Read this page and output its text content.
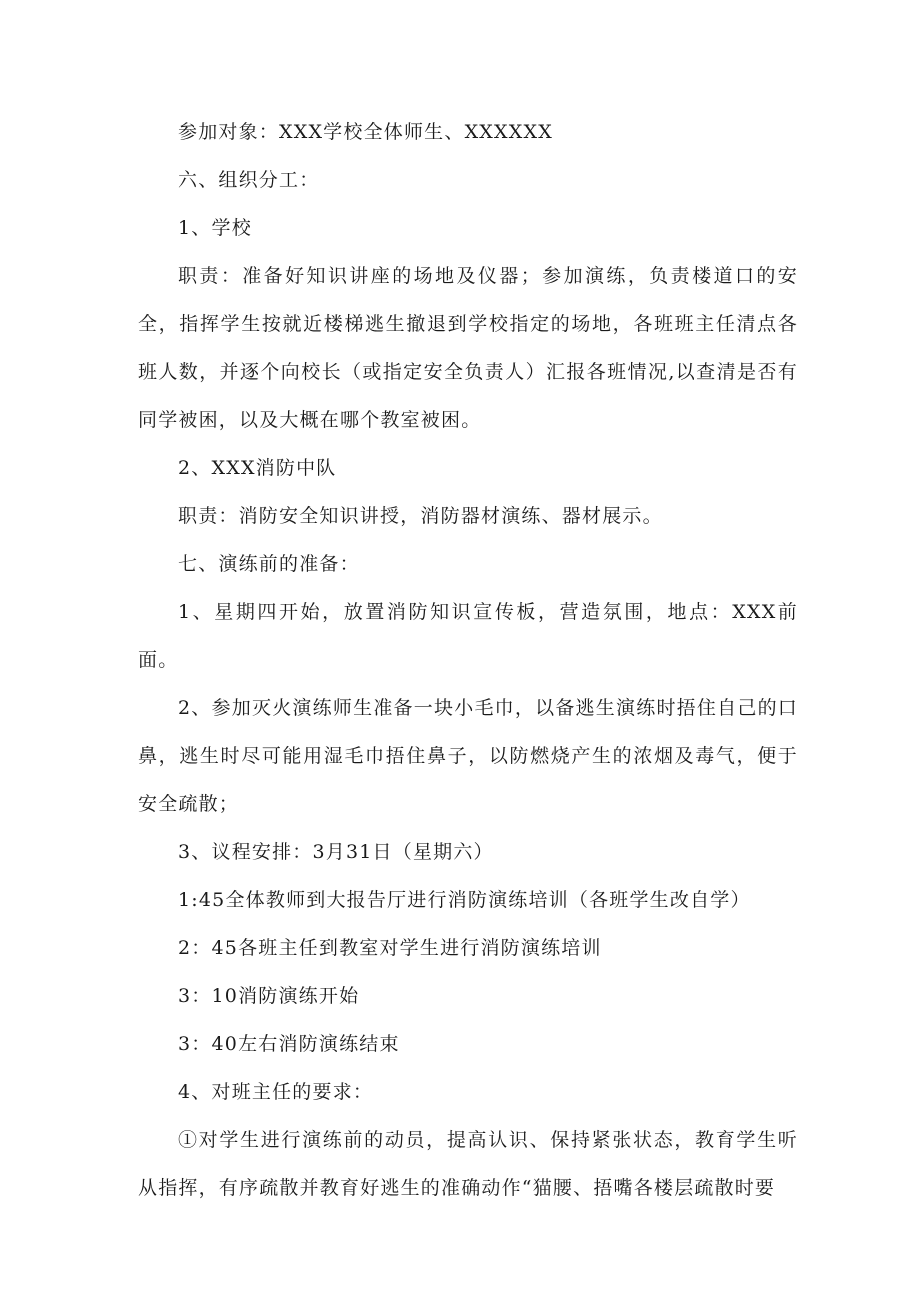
参加对象：XXX学校全体师生、XXXXXX

六、组织分工：

1、学校

职责：准备好知识讲座的场地及仪器；参加演练，负责楼道口的安全，指挥学生按就近楼梯逃生撤退到学校指定的场地，各班班主任清点各班人数，并逐个向校长（或指定安全负责人）汇报各班情况,以查清是否有同学被困，以及大概在哪个教室被困。

2、XXX消防中队

职责：消防安全知识讲授，消防器材演练、器材展示。

七、演练前的准备：

1、星期四开始，放置消防知识宣传板，营造氛围，地点：XXX前面。

2、参加灭火演练师生准备一块小毛巾，以备逃生演练时捂住自己的口鼻，逃生时尽可能用湿毛巾捂住鼻子，以防燃烧产生的浓烟及毒气，便于安全疏散；

3、议程安排：3月31日（星期六）

1:45全体教师到大报告厅进行消防演练培训（各班学生改自学）

2：45各班主任到教室对学生进行消防演练培训

3：10消防演练开始

3：40左右消防演练结束

4、对班主任的要求：

①对学生进行演练前的动员，提高认识、保持紧张状态，教育学生听从指挥，有序疏散并教育好逃生的准确动作“猫腰、捂嘴各楼层疏散时要
